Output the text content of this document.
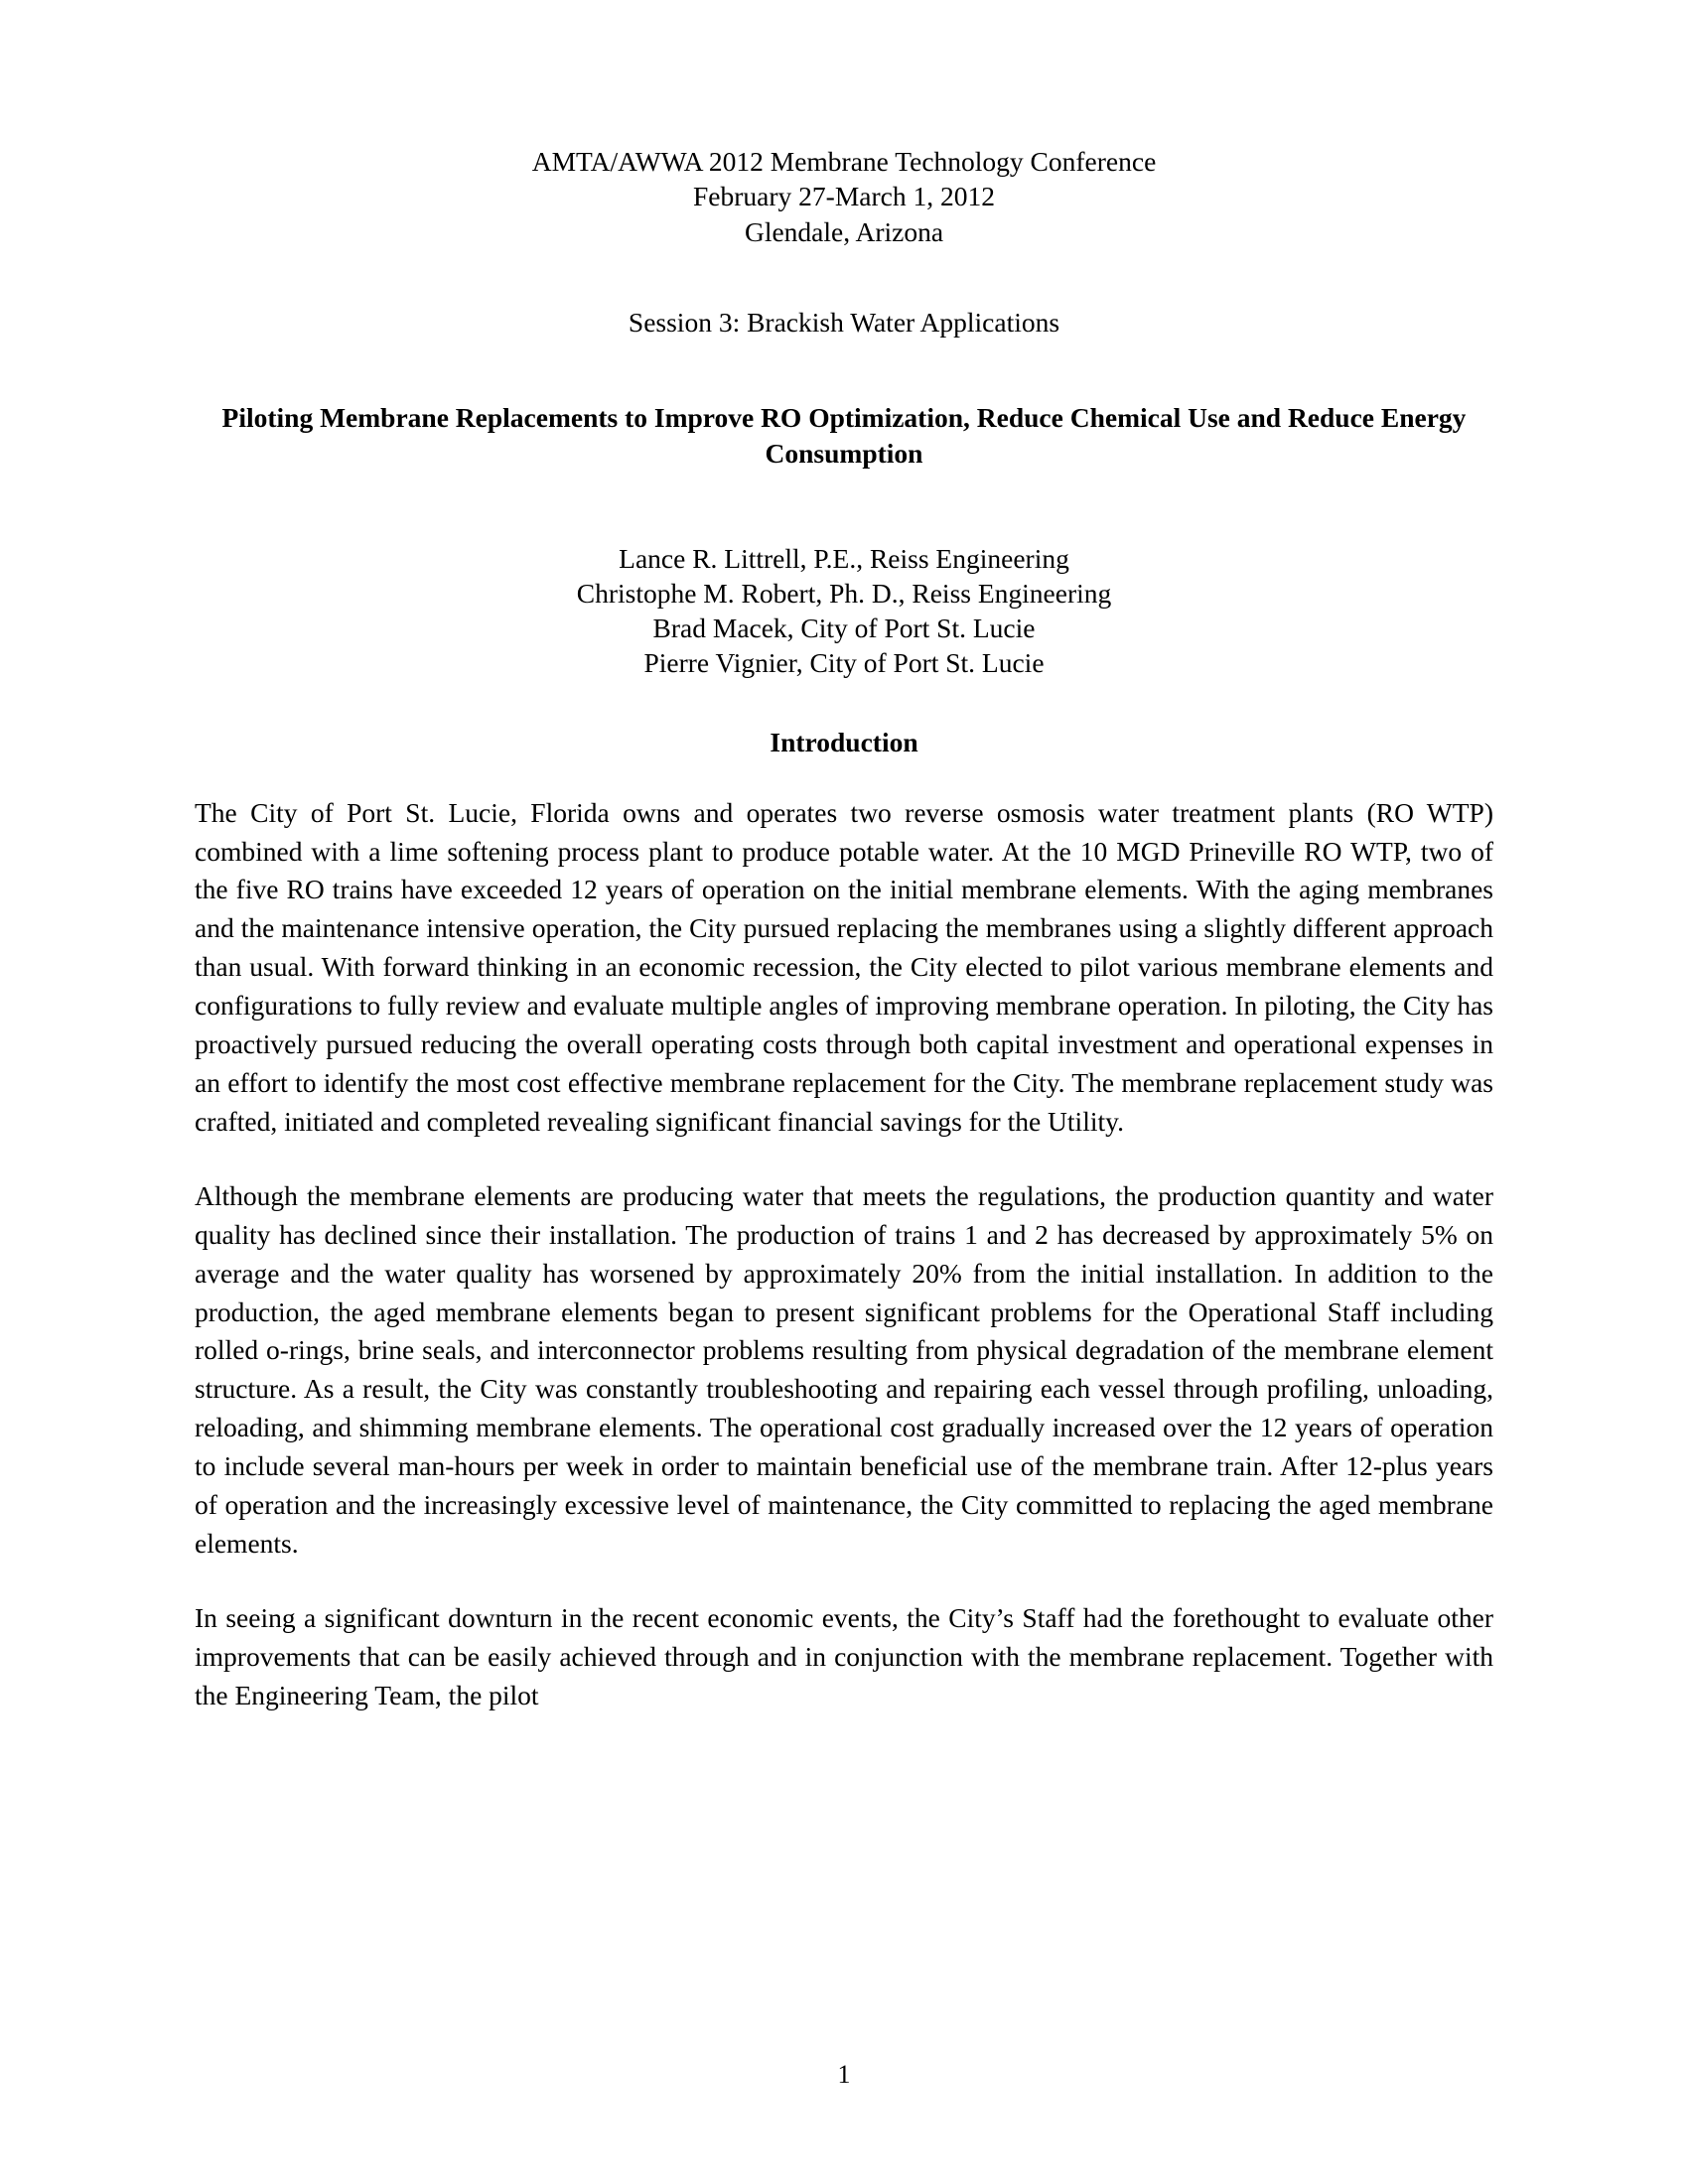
AMTA/AWWA 2012 Membrane Technology Conference
February 27-March 1, 2012
Glendale, Arizona
Session 3: Brackish Water Applications
Piloting Membrane Replacements to Improve RO Optimization, Reduce Chemical Use and Reduce Energy Consumption
Lance R. Littrell, P.E., Reiss Engineering
Christophe M. Robert, Ph. D., Reiss Engineering
Brad Macek, City of Port St. Lucie
Pierre Vignier, City of Port St. Lucie
Introduction

The City of Port St. Lucie, Florida owns and operates two reverse osmosis water treatment plants (RO WTP) combined with a lime softening process plant to produce potable water. At the 10 MGD Prineville RO WTP, two of the five RO trains have exceeded 12 years of operation on the initial membrane elements. With the aging membranes and the maintenance intensive operation, the City pursued replacing the membranes using a slightly different approach than usual. With forward thinking in an economic recession, the City elected to pilot various membrane elements and configurations to fully review and evaluate multiple angles of improving membrane operation. In piloting, the City has proactively pursued reducing the overall operating costs through both capital investment and operational expenses in an effort to identify the most cost effective membrane replacement for the City. The membrane replacement study was crafted, initiated and completed revealing significant financial savings for the Utility.

Although the membrane elements are producing water that meets the regulations, the production quantity and water quality has declined since their installation. The production of trains 1 and 2 has decreased by approximately 5% on average and the water quality has worsened by approximately 20% from the initial installation. In addition to the production, the aged membrane elements began to present significant problems for the Operational Staff including rolled o-rings, brine seals, and interconnector problems resulting from physical degradation of the membrane element structure. As a result, the City was constantly troubleshooting and repairing each vessel through profiling, unloading, reloading, and shimming membrane elements. The operational cost gradually increased over the 12 years of operation to include several man-hours per week in order to maintain beneficial use of the membrane train. After 12-plus years of operation and the increasingly excessive level of maintenance, the City committed to replacing the aged membrane elements.

In seeing a significant downturn in the recent economic events, the City’s Staff had the forethought to evaluate other improvements that can be easily achieved through and in conjunction with the membrane replacement. Together with the Engineering Team, the pilot

1
